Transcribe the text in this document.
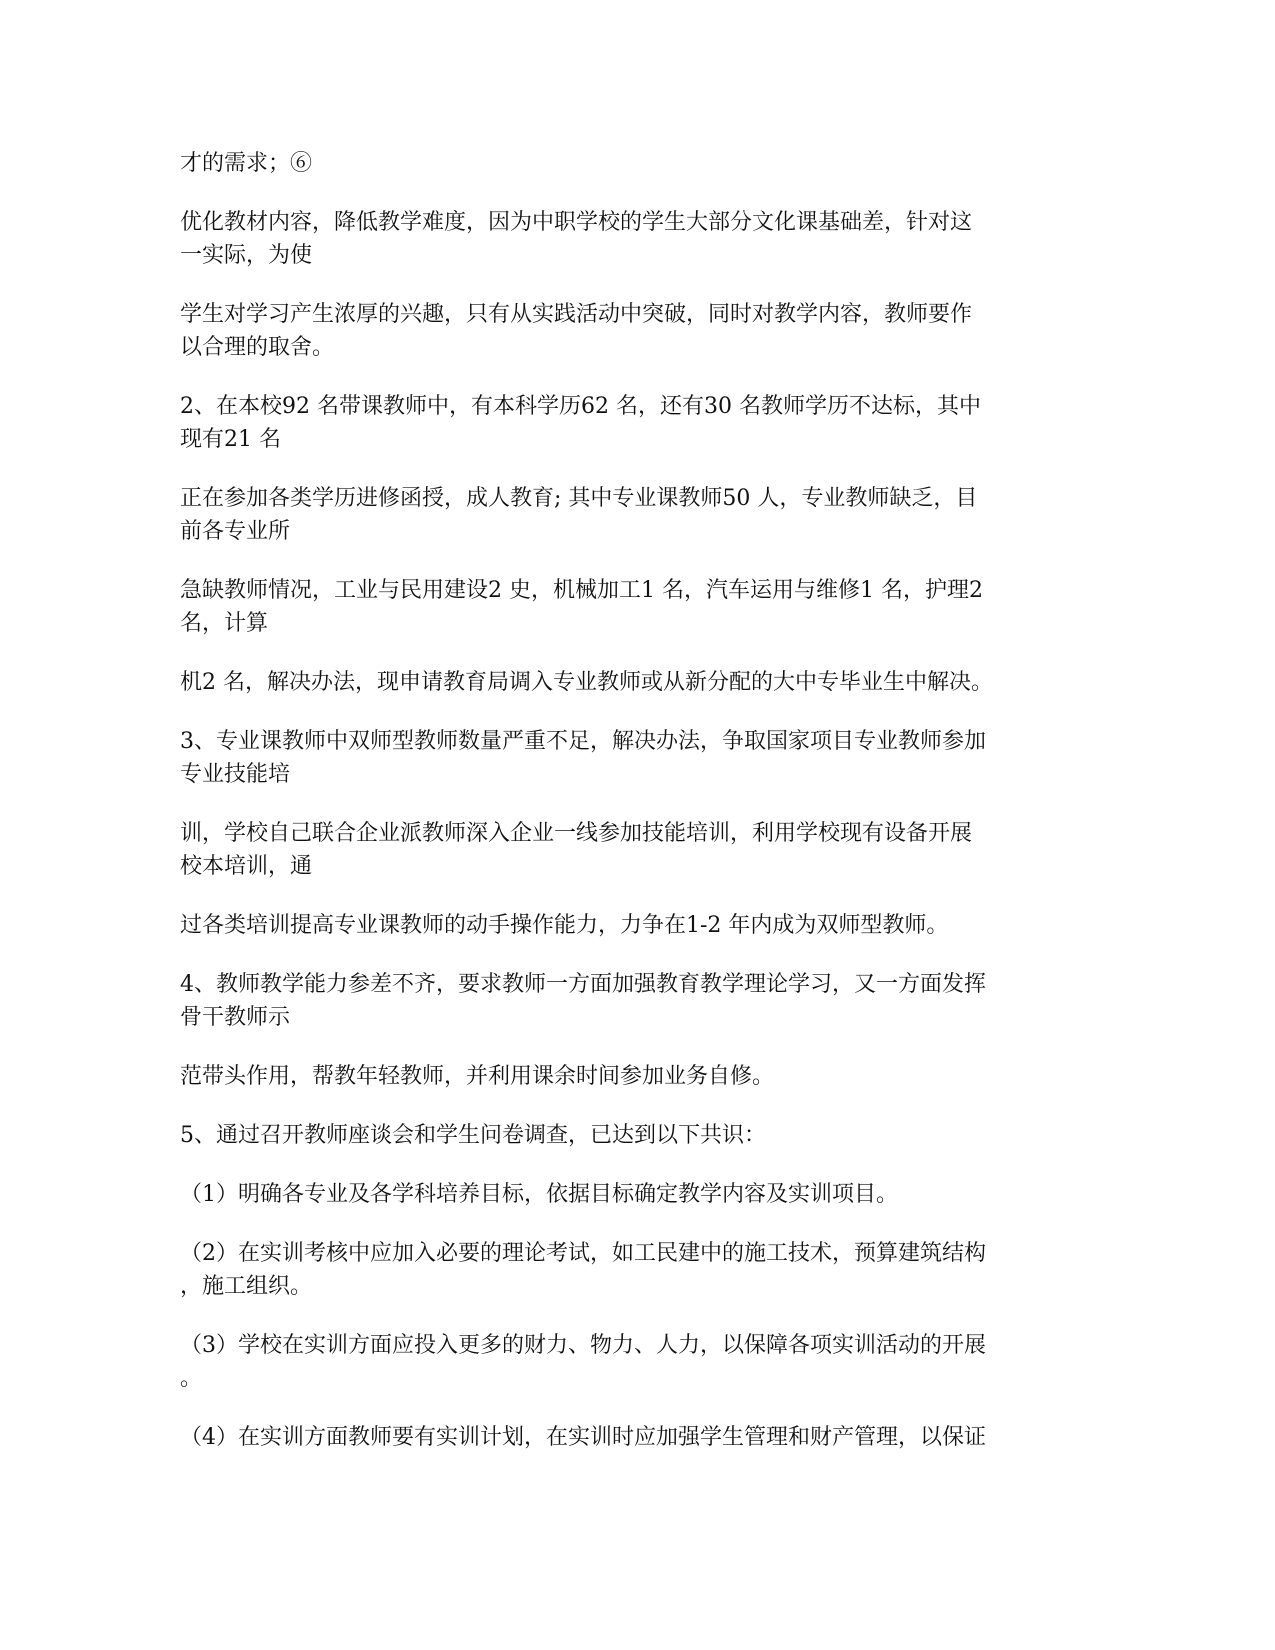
才的需求；⑥
优化教材内容，降低教学难度，因为中职学校的学生大部分文化课基础差，针对这
一实际，为使
学生对学习产生浓厚的兴趣，只有从实践活动中突破，同时对教学内容，教师要作
以合理的取舍。
2、在本校92 名带课教师中，有本科学历62 名，还有30 名教师学历不达标，其中
现有21 名
正在参加各类学历进修函授，成人教育; 其中专业课教师50 人，专业教师缺乏，目
前各专业所
急缺教师情况，工业与民用建设2 史，机械加工1 名，汽车运用与维修1 名，护理2
名，计算
机2 名，解决办法，现申请教育局调入专业教师或从新分配的大中专毕业生中解决。
3、专业课教师中双师型教师数量严重不足，解决办法，争取国家项目专业教师参加
专业技能培
训，学校自己联合企业派教师深入企业一线参加技能培训，利用学校现有设备开展
校本培训，通
过各类培训提高专业课教师的动手操作能力，力争在1-2 年内成为双师型教师。
4、教师教学能力参差不齐，要求教师一方面加强教育教学理论学习，又一方面发挥
骨干教师示
范带头作用，帮教年轻教师，并利用课余时间参加业务自修。
5、通过召开教师座谈会和学生问卷调查，已达到以下共识：
（1）明确各专业及各学科培养目标，依据目标确定教学内容及实训项目。
（2）在实训考核中应加入必要的理论考试，如工民建中的施工技术，预算建筑结构
，施工组织。
（3）学校在实训方面应投入更多的财力、物力、人力，以保障各项实训活动的开展
。
（4）在实训方面教师要有实训计划，在实训时应加强学生管理和财产管理，以保证
